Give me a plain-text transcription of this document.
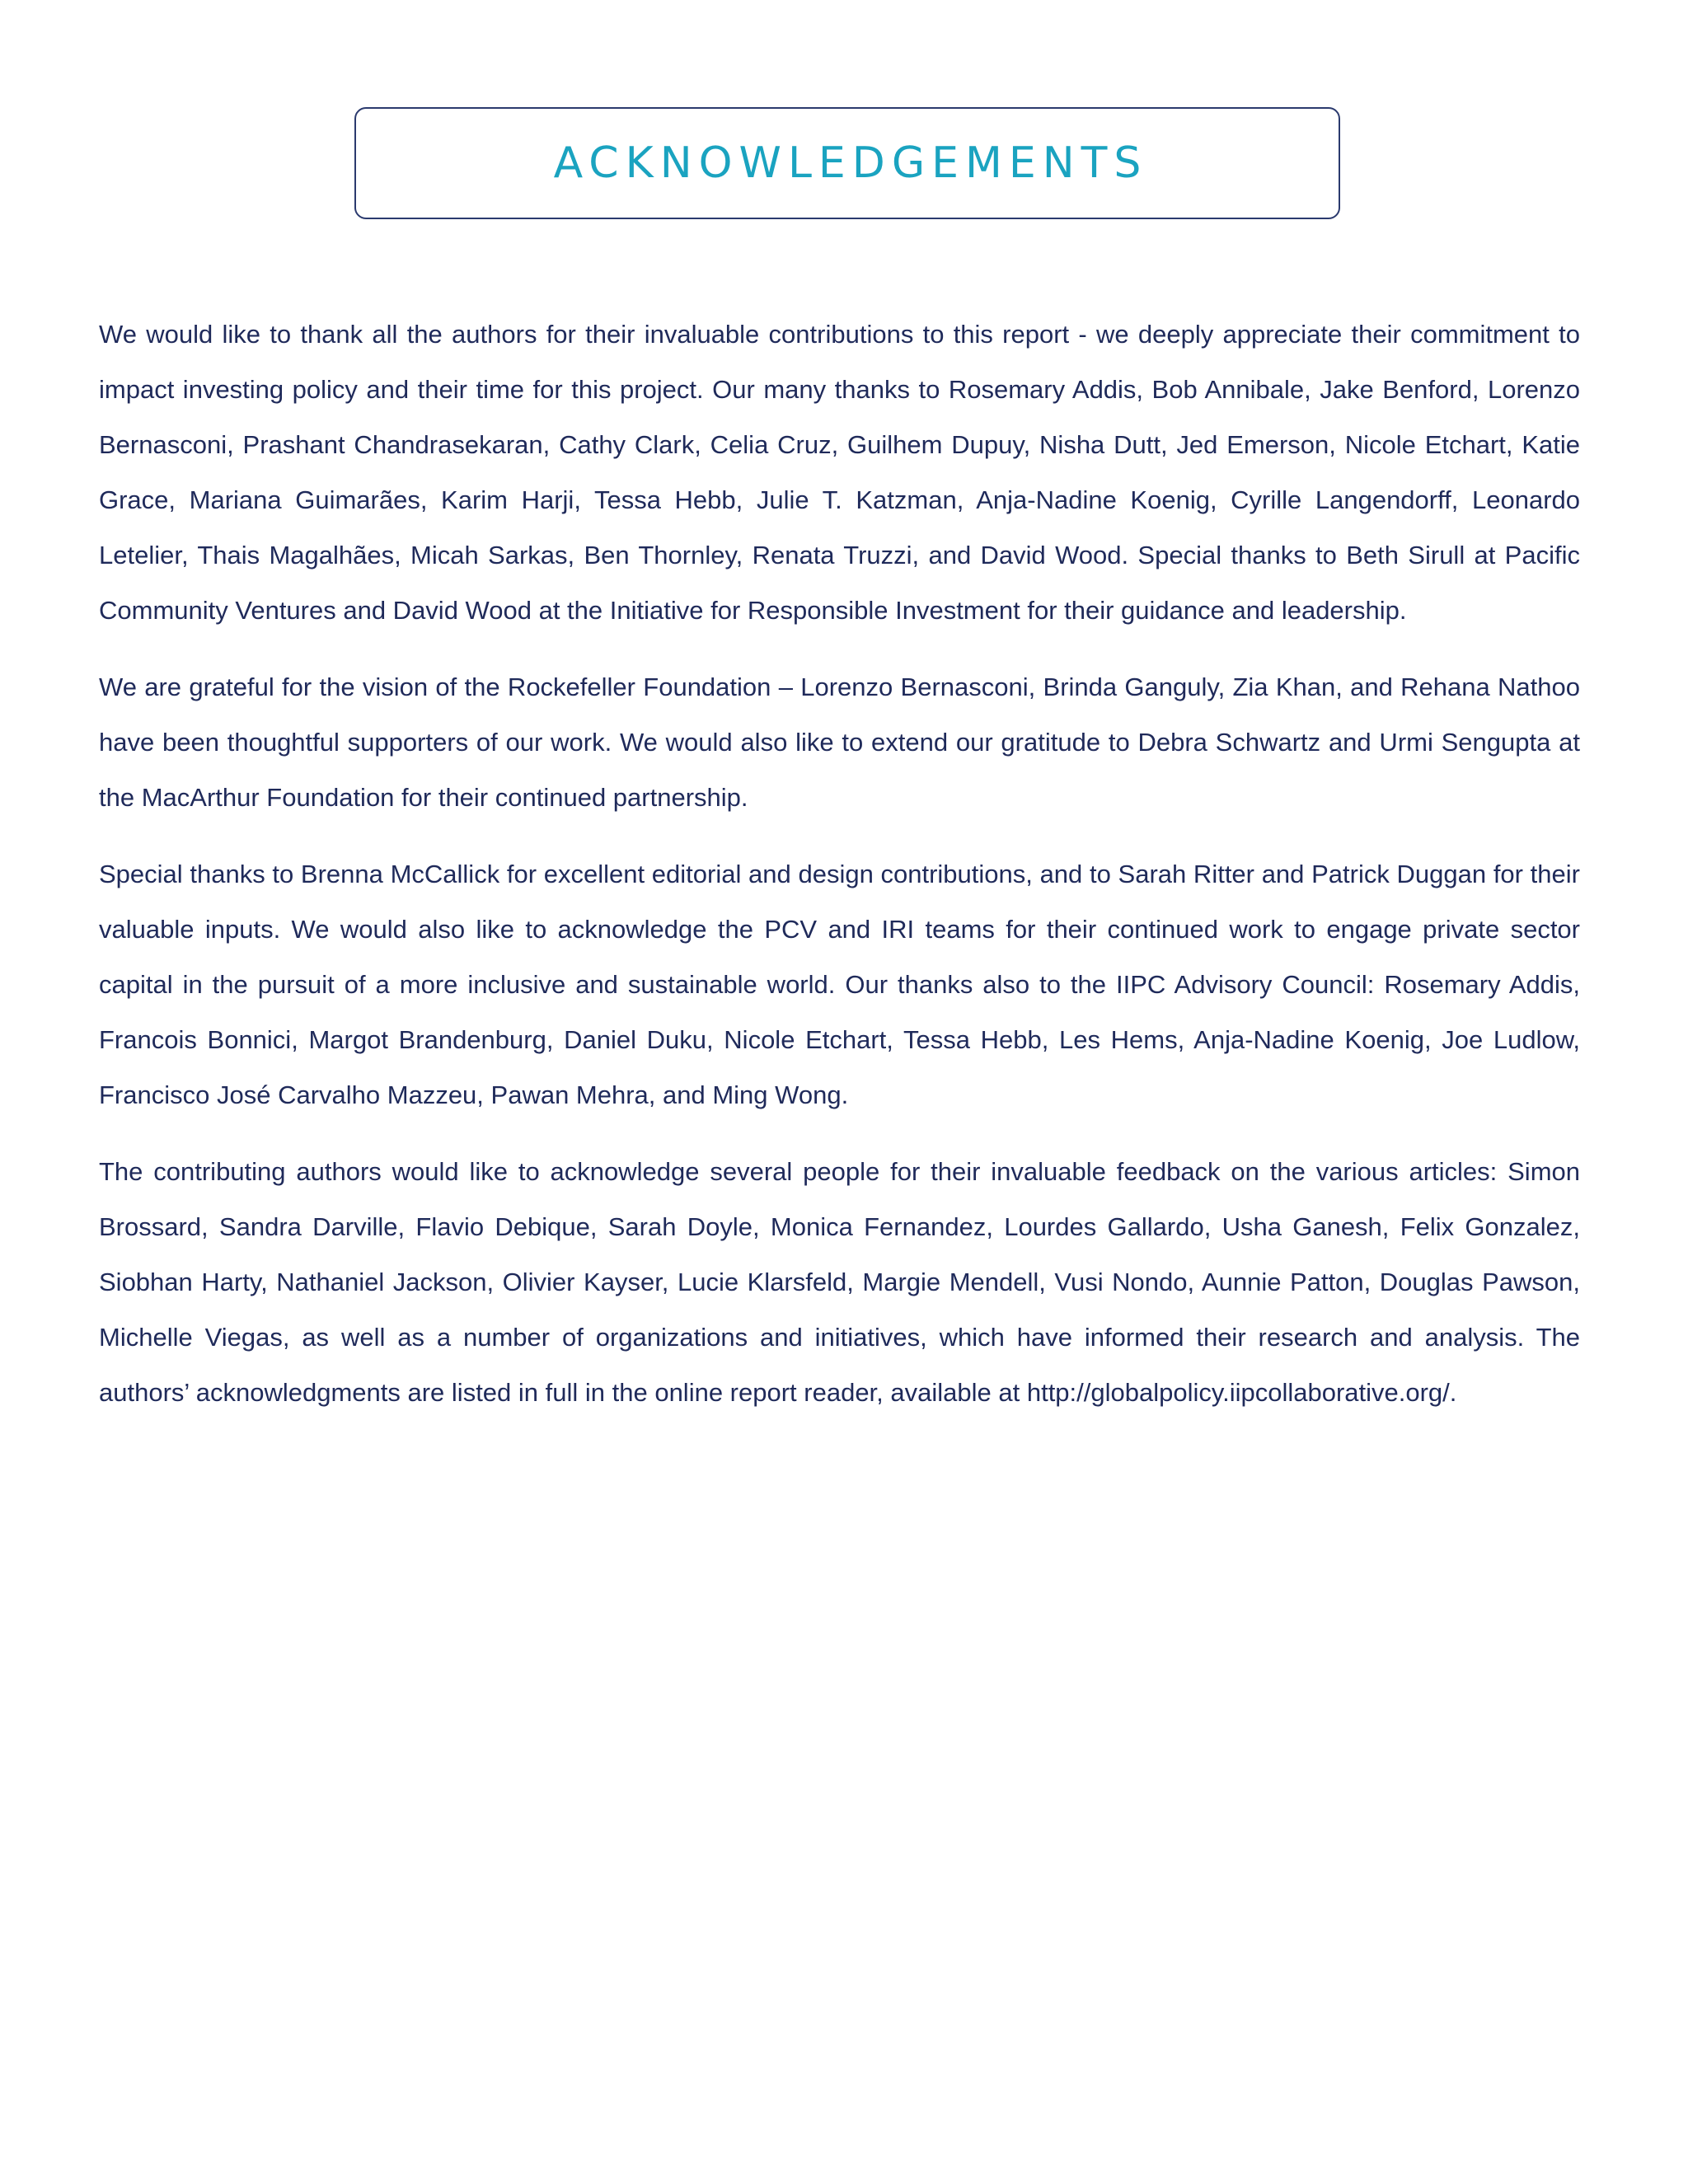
ACKNOWLEDGEMENTS

We would like to thank all the authors for their invaluable contributions to this report - we deeply appreciate their commitment to impact investing policy and their time for this project. Our many thanks to Rosemary Addis, Bob Annibale, Jake Benford, Lorenzo Bernasconi, Prashant Chandrasekaran, Cathy Clark, Celia Cruz, Guilhem Dupuy, Nisha Dutt, Jed Emerson, Nicole Etchart, Katie Grace, Mariana Guimarães, Karim Harji, Tessa Hebb, Julie T. Katzman, Anja-Nadine Koenig, Cyrille Langendorff, Leonardo Letelier, Thais Magalhães, Micah Sarkas, Ben Thornley, Renata Truzzi, and David Wood. Special thanks to Beth Sirull at Pacific Community Ventures and David Wood at the Initiative for Responsible Investment for their guidance and leadership.

We are grateful for the vision of the Rockefeller Foundation – Lorenzo Bernasconi, Brinda Ganguly, Zia Khan, and Rehana Nathoo have been thoughtful supporters of our work. We would also like to extend our gratitude to Debra Schwartz and Urmi Sengupta at the MacArthur Foundation for their continued partnership.

Special thanks to Brenna McCallick for excellent editorial and design contributions, and to Sarah Ritter and Patrick Duggan for their valuable inputs. We would also like to acknowledge the PCV and IRI teams for their continued work to engage private sector capital in the pursuit of a more inclusive and sustainable world. Our thanks also to the IIPC Advisory Council: Rosemary Addis, Francois Bonnici, Margot Brandenburg, Daniel Duku, Nicole Etchart, Tessa Hebb, Les Hems, Anja-Nadine Koenig, Joe Ludlow, Francisco José Carvalho Mazzeu, Pawan Mehra, and Ming Wong.

The contributing authors would like to acknowledge several people for their invaluable feedback on the various articles: Simon Brossard, Sandra Darville, Flavio Debique, Sarah Doyle, Monica Fernandez, Lourdes Gallardo, Usha Ganesh, Felix Gonzalez, Siobhan Harty, Nathaniel Jackson, Olivier Kayser, Lucie Klarsfeld, Margie Mendell, Vusi Nondo, Aunnie Patton, Douglas Pawson, Michelle Viegas, as well as a number of organizations and initiatives, which have informed their research and analysis. The authors’ acknowledgments are listed in full in the online report reader, available at http://globalpolicy.iipcollaborative.org/.
